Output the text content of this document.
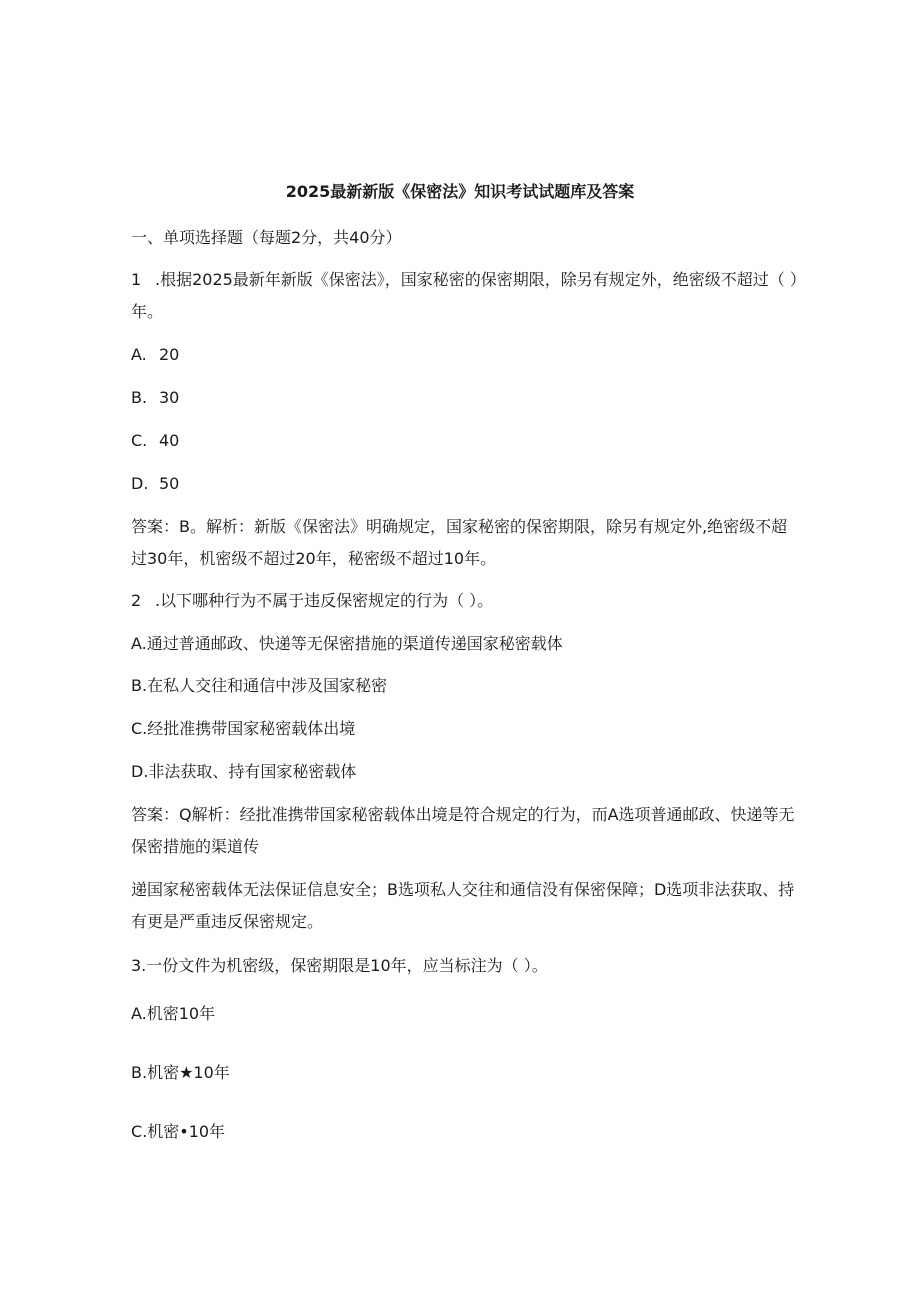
2025最新新版《保密法》知识考试试题库及答案
一、单项选择题（每题2分，共40分）
1 .根据2025最新年新版《保密法》，国家秘密的保密期限，除另有规定外，绝密级不超过（ ）年。
A. 20
B. 30
C. 40
D. 50
答案：B。解析：新版《保密法》明确规定，国家秘密的保密期限，除另有规定外,绝密级不超过30年，机密级不超过20年，秘密级不超过10年。
2 .以下哪种行为不属于违反保密规定的行为（ ）。
A.通过普通邮政、快递等无保密措施的渠道传递国家秘密载体
B.在私人交往和通信中涉及国家秘密
C.经批准携带国家秘密载体出境
D.非法获取、持有国家秘密载体
答案：Q解析：经批准携带国家秘密载体出境是符合规定的行为，而A选项普通邮政、快递等无保密措施的渠道传
递国家秘密载体无法保证信息安全；B选项私人交往和通信没有保密保障；D选项非法获取、持有更是严重违反保密规定。
3.一份文件为机密级，保密期限是10年，应当标注为（ ）。
A.机密10年
B.机密★10年
C.机密•10年
